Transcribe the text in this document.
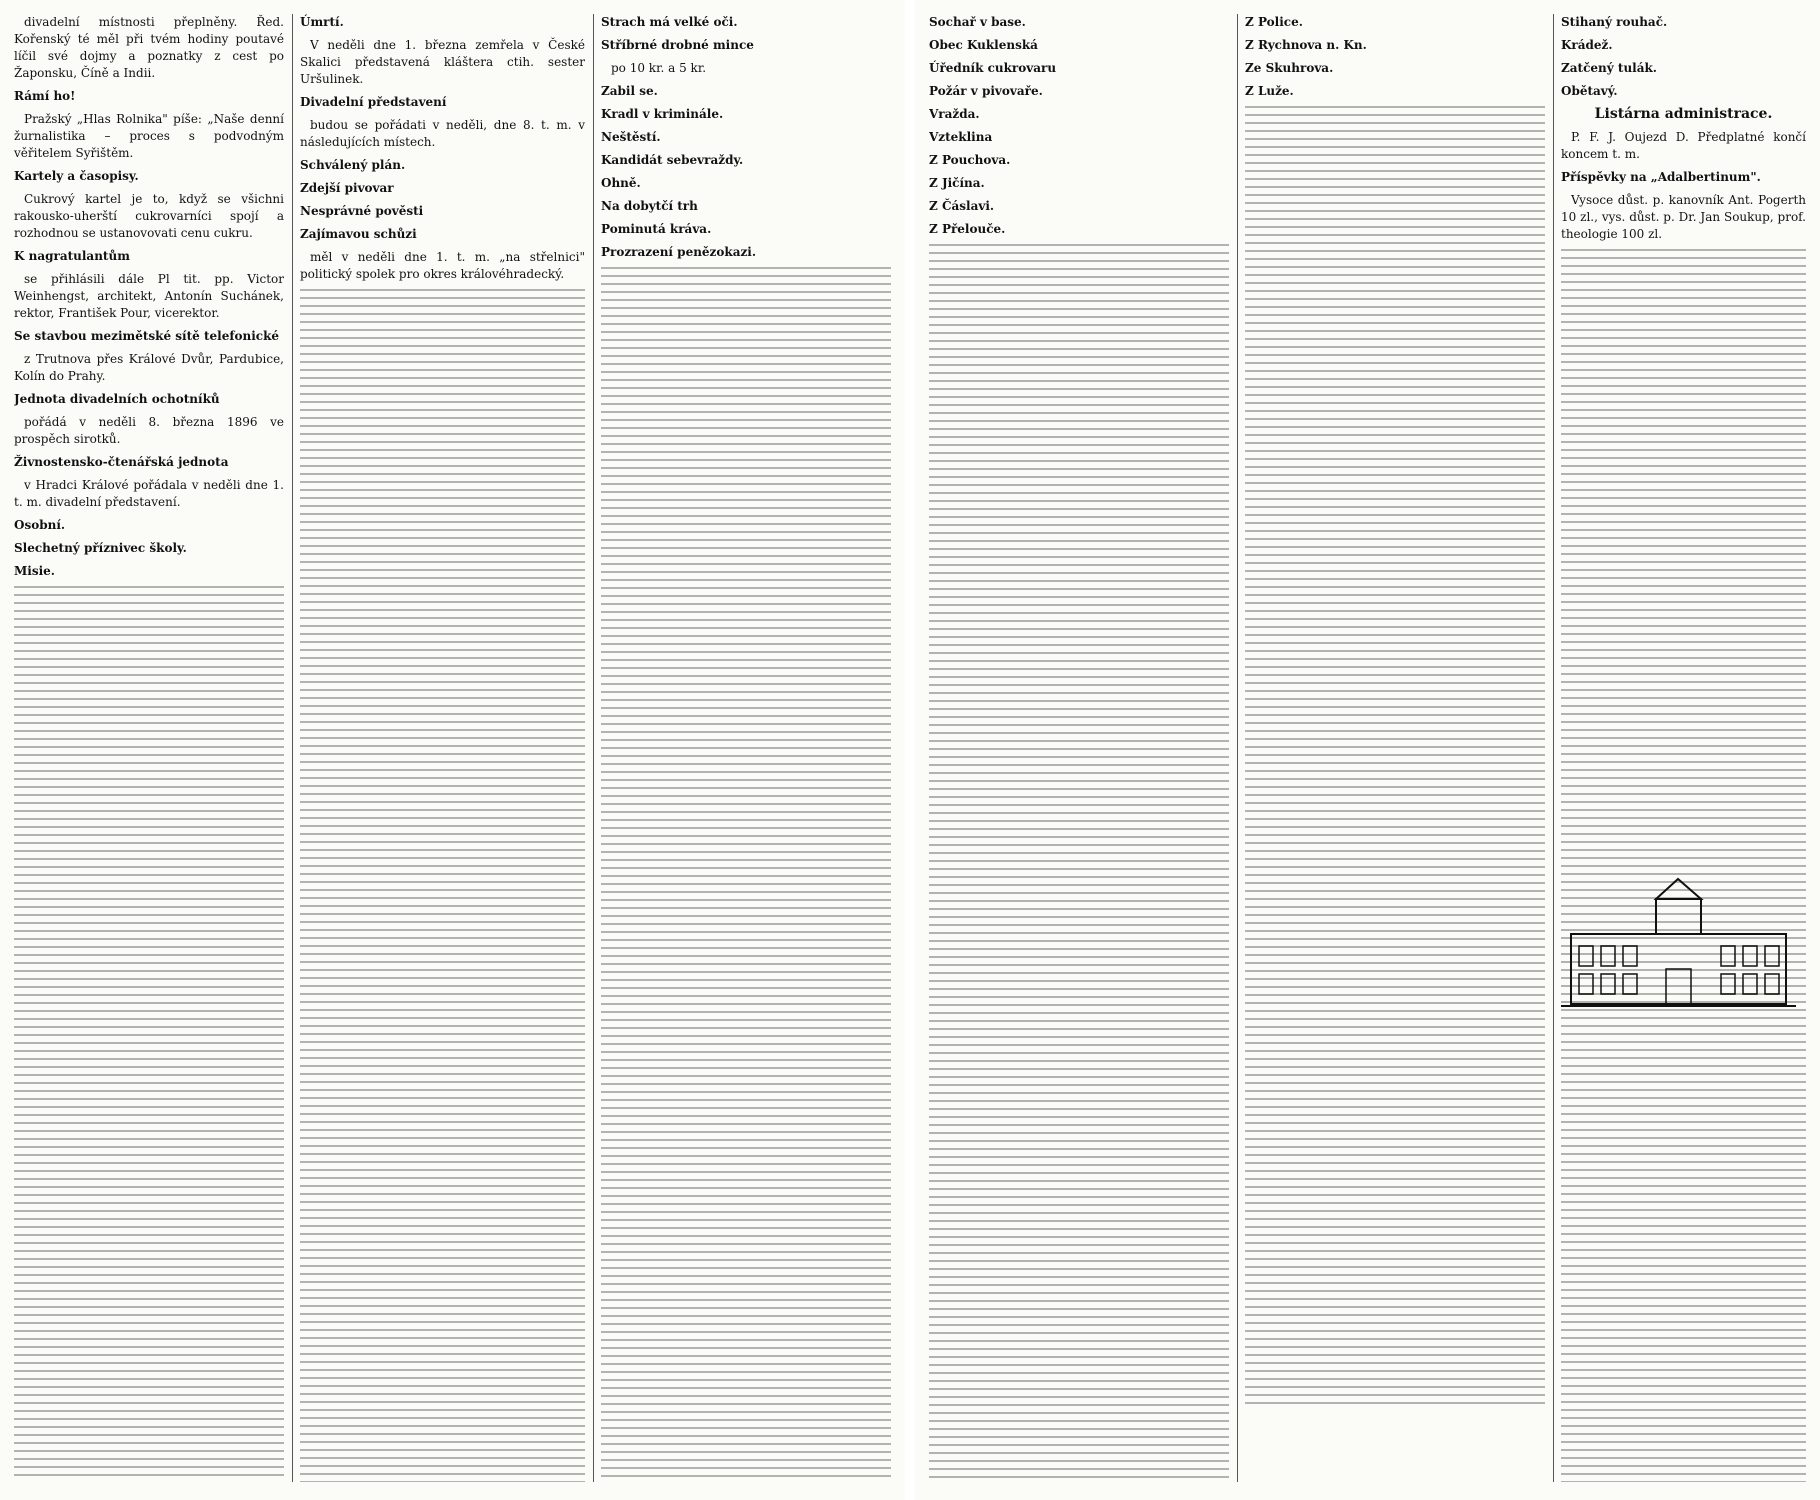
divadelní místnosti přeplněny. Řed. Kořenský té měl při tvém hodiny poutavé líčil své dojmy a poznatky z cest po Žaponsku, Číně a Indii.

Rámí ho!

Pražský „Hlas Rolnika" píše: „Naše denní žurnalistika – proces s podvodným věřitelem Syřištěm.

Kartely a časopisy.

Cukrový kartel je to, když se všichni rakousko-uherští cukrovarníci spojí a rozhodnou se ustanovovati cenu cukru.

K nagratulantům

se přihlásili dále Pl tit. pp. Victor Weinhengst, architekt, Antonín Suchánek, rektor, František Pour, vicerektor.

Se stavbou mezimětské sítě telefonické

z Trutnova přes Králové Dvůr, Pardubice, Kolín do Prahy.

Jednota divadelních ochotníků

pořádá v neděli 8. března 1896 ve prospěch sirotků.

Živnostensko-čtenářská jednota

v Hradci Králové pořádala v neděli dne 1. t. m. divadelní představení.

Osobní.

Slechetný příznivec školy.

Misie.

Úmrtí.

V neděli dne 1. března zemřela v České Skalici představená kláštera ctih. sester Uršulinek.

Divadelní představení

budou se pořádati v neděli, dne 8. t. m. v následujících místech.

Schválený plán.

Zdejší pivovar

Nesprávné pověsti

Zajímavou schůzi

měl v neděli dne 1. t. m. „na střelnici" politický spolek pro okres královéhradecký.

Strach má velké oči.

Stříbrné drobné mince

po 10 kr. a 5 kr.

Zabil se.

Kradl v kriminále.

Neštěstí.

Kandidát sebevraždy.

Ohně.

Na dobytčí trh

Pominutá kráva.

Prozrazení penězokazi.

Sochař v base.

Obec Kuklenská

Úředník cukrovaru

Požár v pivovaře.

Vražda.

Vzteklina

Z Pouchova.

Z Jičína.

Z Čáslavi.

Z Přelouče.

Z Police.

Z Rychnova n. Kn.

Ze Skuhrova.

Z Luže.

Stihaný rouhač.

Krádež.

Zatčený tulák.

Obětavý.

Listárna administrace.

P. F. J. Oujezd D. Předplatné končí koncem t. m.

Příspěvky na „Adalbertinum".

Vysoce důst. p. kanovník Ant. Pogerth 10 zl., vys. důst. p. Dr. Jan Soukup, prof. theologie 100 zl.
